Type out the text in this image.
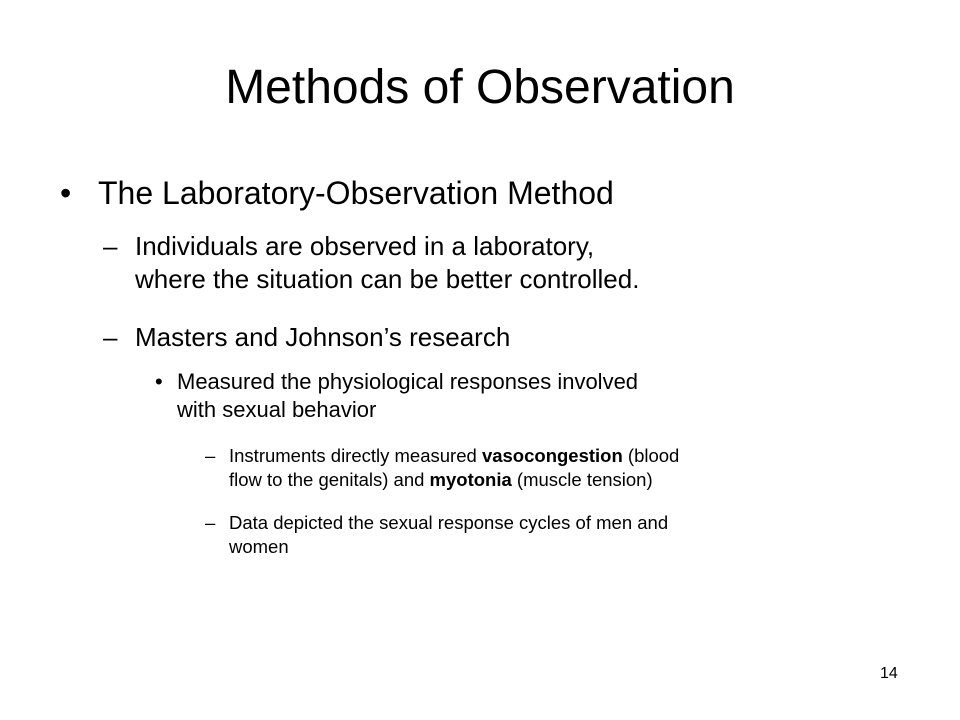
Methods of Observation
• The Laboratory-Observation Method
– Individuals are observed in a laboratory,
where the situation can be better controlled.
– Masters and Johnson’s research
• Measured the physiological responses involved
with sexual behavior
– Instruments directly measured vasocongestion (blood
flow to the genitals) and myotonia (muscle tension)
– Data depicted the sexual response cycles of men and
women
14
